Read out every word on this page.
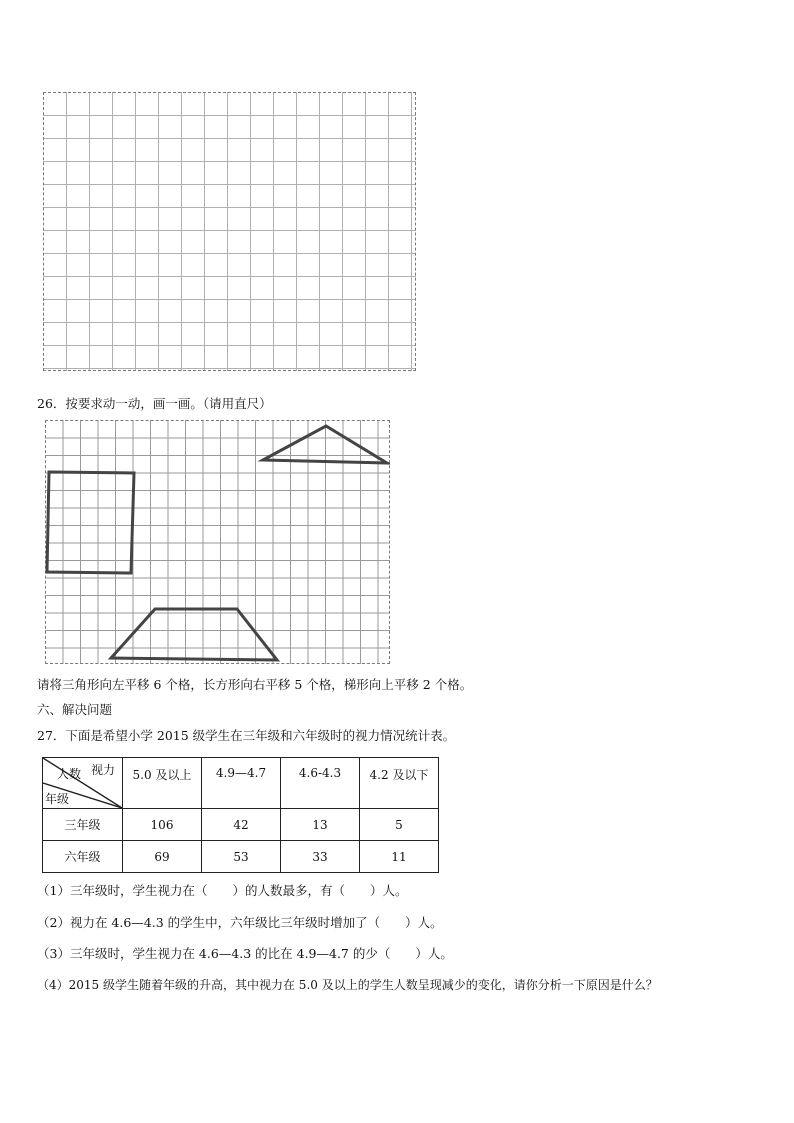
26．按要求动一动，画一画。（请用直尺）
请将三角形向左平移 6 个格，长方形向右平移 5 个格，梯形向上平移 2 个格。
六、解决问题
27．下面是希望小学 2015 级学生在三年级和六年级时的视力情况统计表。
视力
人数
年级	5.0 及以上	4.9—4.7	4.6-4.3	4.2 及以下
三年级	106	42	13	5
六年级	69	53	33	11
（1）三年级时，学生视力在（　　）的人数最多，有（　　）人。
（2）视力在 4.6—4.3 的学生中，六年级比三年级时增加了（　　）人。
（3）三年级时，学生视力在 4.6—4.3 的比在 4.9—4.7 的少（　　）人。
（4）2015 级学生随着年级的升高，其中视力在 5.0 及以上的学生人数呈现减少的变化，请你分析一下原因是什么？
